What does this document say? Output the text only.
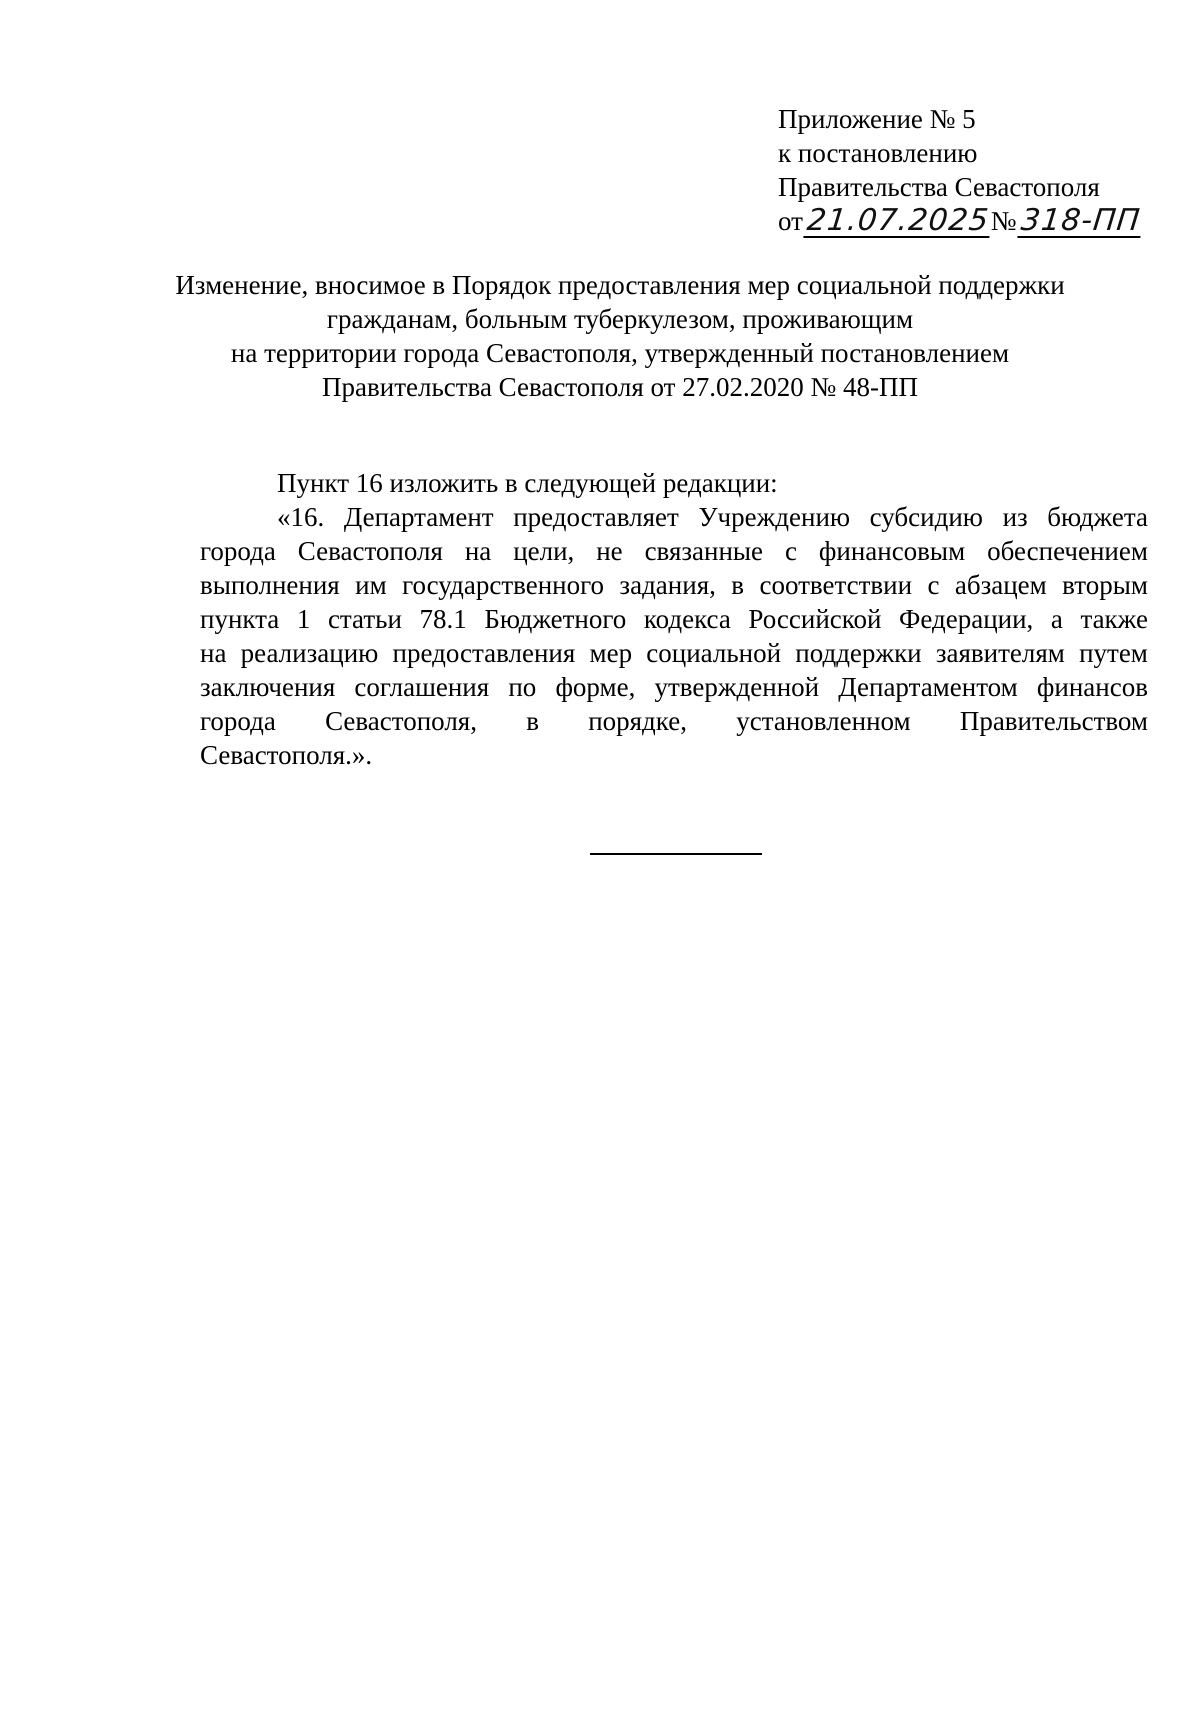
Приложение № 5
к постановлению
Правительства Севастополя
от21.07.2025№318-ПП
Изменение, вносимое в Порядок предоставления мер социальной поддержки
гражданам, больным туберкулезом, проживающим
на территории города Севастополя, утвержденный постановлением
Правительства Севастополя от 27.02.2020 № 48-ПП
Пункт 16 изложить в следующей редакции:
«16. Департамент предоставляет Учреждению субсидию из бюджета
города Севастополя на цели, не связанные с финансовым обеспечением
выполнения им государственного задания, в соответствии с абзацем вторым
пункта 1 статьи 78.1 Бюджетного кодекса Российской Федерации, а также
на реализацию предоставления мер социальной поддержки заявителям путем
заключения соглашения по форме, утвержденной Департаментом финансов
города Севастополя, в порядке, установленном Правительством
Севастополя.».
